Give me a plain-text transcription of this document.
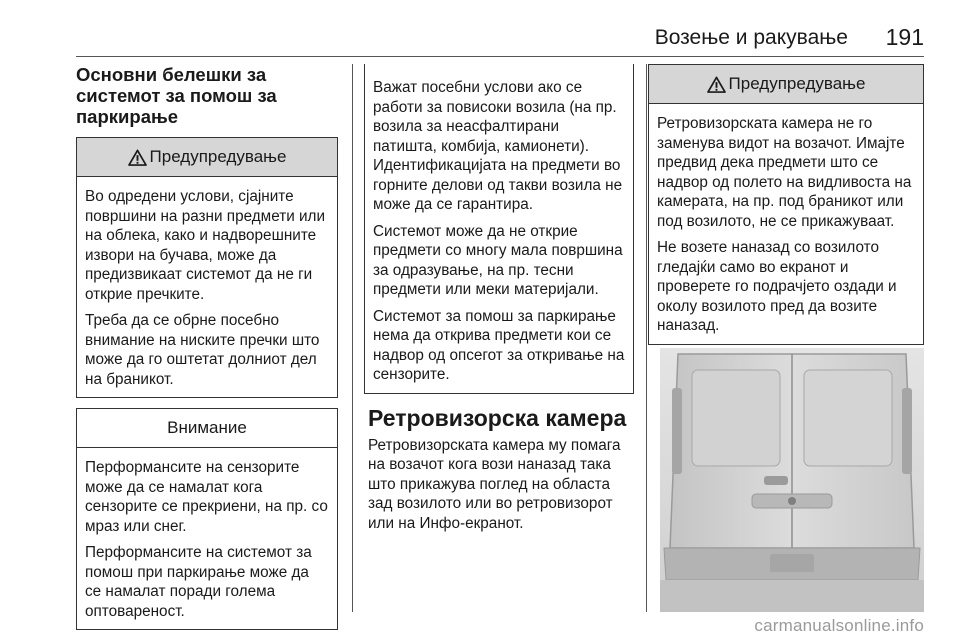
Возење и ракување 191
Основни белешки за системот за помош за паркирање
Предупредување

Во одредени услови, сјајните површини на разни предмети или на облека, како и надворешните извори на бучава, може да предизвикаат системот да не ги открие пречките.

Треба да се обрне посебно внимание на ниските пречки што може да го оштетат долниот дел на браникот.

Внимание

Перформансите на сензорите може да се намалат кога сензорите се прекриени, на пр. со мраз или снег.

Перформансите на системот за помош при паркирање може да се намалат поради голема оптовареност.

Важат посебни услови ако се работи за повисоки возила (на пр. возила за неасфалтирани патишта, комбија, камионети). Идентификацијата на предмети во горните делови од такви возила не може да се гарантира.

Системот може да не открие предмети со многу мала површина за одразување, на пр. тесни предмети или меки материјали.

Системот за помош за паркирање нема да открива предмети кои се надвор од опсегот за откривање на сензорите.

Ретровизорска камера

Ретровизорската камера му помага на возачот кога вози наназад така што прикажува поглед на областа зад возилото или во ретровизорот или на Инфо-екранот.

Предупредување

Ретровизорската камера не го заменува видот на возачот. Имајте предвид дека предмети што се надвор од полето на видливоста на камерата, на пр. под браникот или под возилото, не се прикажуваат.

Не возете наназад со возилото гледајќи само во екранот и проверете го подрачјето оздади и околу возилото пред да возите наназад.

carmanualsonline.info
